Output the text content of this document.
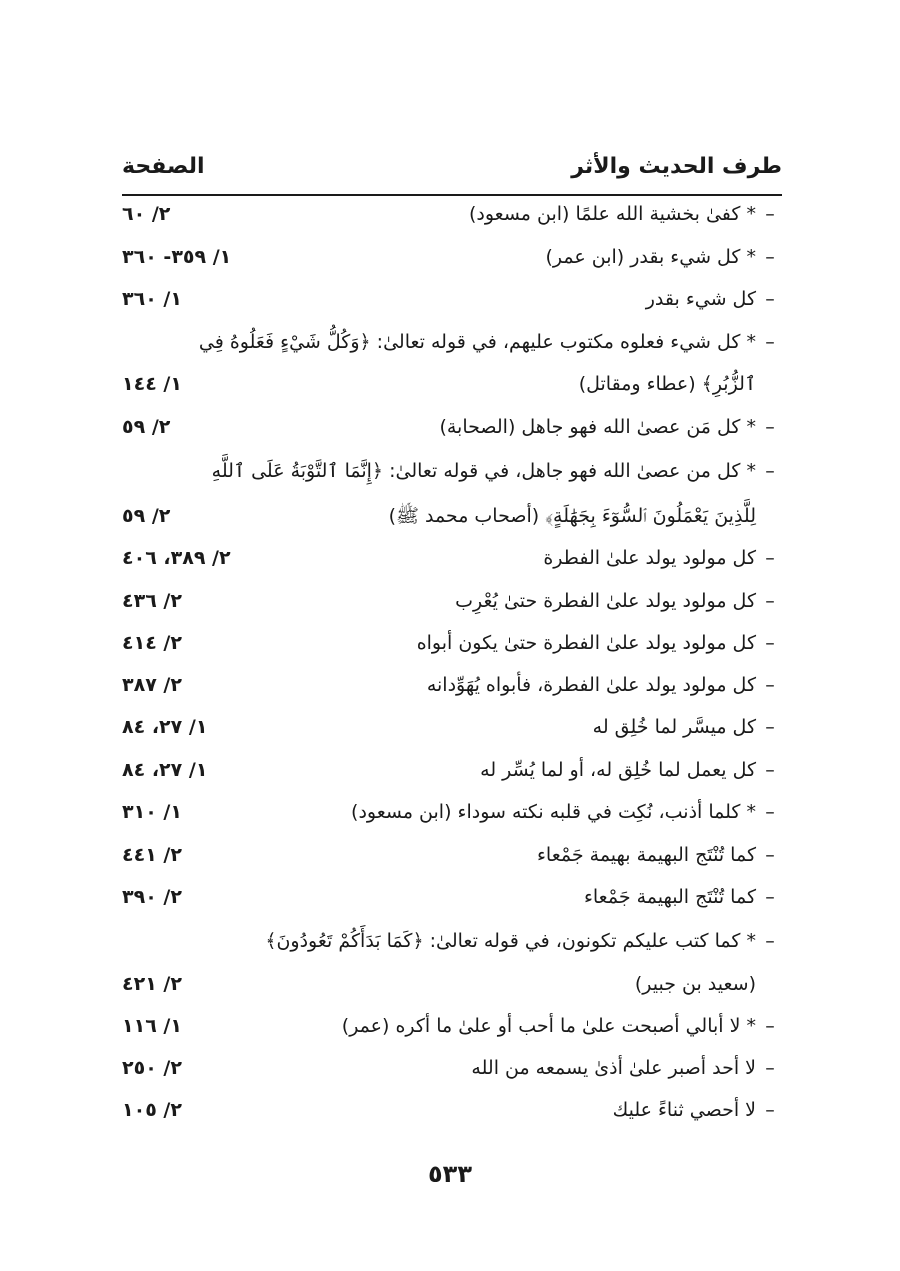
طرف الحديث والأثر
الصفحة
–
* كفىٰ بخشية الله علمًا (ابن مسعود)
٢/ ٦٠
–
* كل شيء بقدر (ابن عمر)
١/ ٣٥٩- ٣٦٠
–
كل شيء بقدر
١/ ٣٦٠
–
* كل شيء فعلوه مكتوب عليهم، في قوله تعالىٰ: ﴿وَكُلُّ شَيْءٍ فَعَلُوهُ فِي
ٱلزُّبُرِ﴾ (عطاء ومقاتل)
١/ ١٤٤
–
* كل مَن عصىٰ الله فهو جاهل (الصحابة)
٢/ ٥٩
–
* كل من عصىٰ الله فهو جاهل، في قوله تعالىٰ: ﴿إِنَّمَا ٱلتَّوْبَةُ عَلَى ٱللَّهِ
لِلَّذِينَ يَعْمَلُونَ ٱلسُّوٓءَ بِجَهَٰلَةٍ﴾ (أصحاب محمد ﷺ)
٢/ ٥٩
–
كل مولود يولد علىٰ الفطرة
٢/ ٣٨٩، ٤٠٦
–
كل مولود يولد علىٰ الفطرة حتىٰ يُعْرِب
٢/ ٤٣٦
–
كل مولود يولد علىٰ الفطرة حتىٰ يكون أبواه
٢/ ٤١٤
–
كل مولود يولد علىٰ الفطرة، فأبواه يُهَوِّدانه
٢/ ٣٨٧
–
كل ميسَّر لما خُلِق له
١/ ٢٧، ٨٤
–
كل يعمل لما خُلِق له، أو لما يُسِّر له
١/ ٢٧، ٨٤
–
* كلما أذنب، نُكِت في قلبه نكته سوداء (ابن مسعود)
١/ ٣١٠
–
كما تُنْتَج البهيمة بهيمة جَمْعاء
٢/ ٤٤١
–
كما تُنْتَج البهيمة جَمْعاء
٢/ ٣٩٠
–
* كما كتب عليكم تكونون، في قوله تعالىٰ: ﴿كَمَا بَدَأَكُمْ تَعُودُونَ﴾
(سعيد بن جبير)
٢/ ٤٢١
–
* لا أبالي أصبحت علىٰ ما أحب أو علىٰ ما أكره (عمر)
١/ ١١٦
–
لا أحد أصبر علىٰ أذىٰ يسمعه من الله
٢/ ٢٥٠
–
لا أحصي ثناءً عليك
٢/ ١٠٥
٥٣٣
